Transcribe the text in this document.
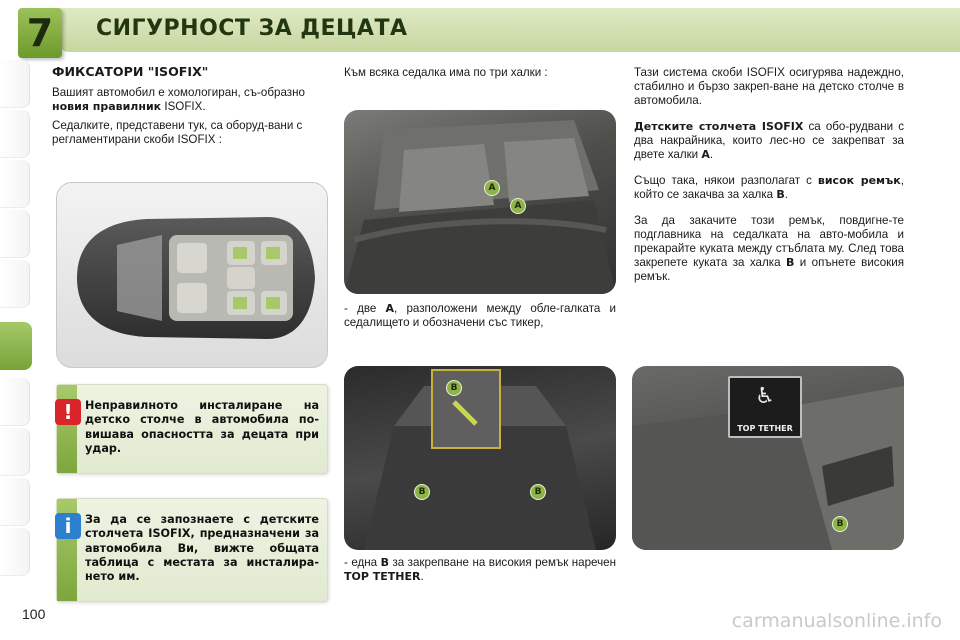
7	СИГУРНОСТ ЗА ДЕЦАТА
ФИКСАТОРИ "ISOFIX"

Вашият автомобил е хомологиран, съ-образно новия правилник ISOFIX.

Седалките, представени тук, са оборуд-вани с регламентирани скоби ISOFIX :

Към всяка седалка има по три халки :
A
A
- две A, разположени между обле-галката и седалището и обозначени със тикер,
B
B	B
- една B за закрепване на високия ремък наречен TOP TETHER.

Тази система скоби ISOFIX осигурява надеждно, стабилно и бързо закреп-ване на детско столче в автомобила.

Детските столчета ISOFIX са обо-рудвани с два накрайника, които лес-но се закрепват за двете халки A.

Също така, някои разполагат с висок ремък, който се закачва за халка B.

За да закачите този ремък, повдигне-те подглавника на седалката на авто-мобила и прекарайте куката между стъблата му. След това закрепете куката за халка B и опънете високия ремък.

♿
TOP TETHER
B
!	Неправилното инсталиране на детско столче в автомобила по-вишава опасността за децата при удар.
i	За да се запознаете с детските столчета ISOFIX, предназначени за автомобила Ви, вижте общата таблица с местата за инсталира-нето им.
100	carmanualsonline.info
